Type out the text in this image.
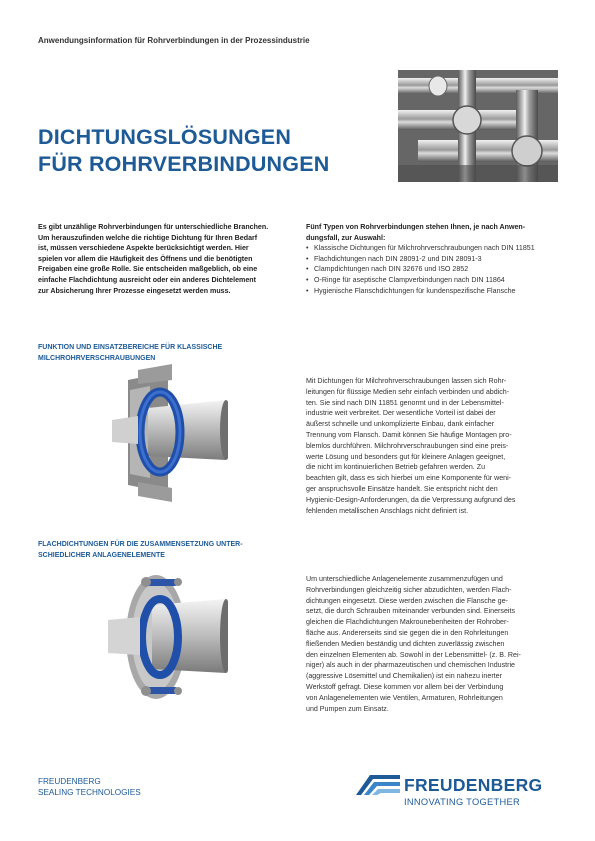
Anwendungsinformation für Rohrverbindungen in der Prozessindustrie
DICHTUNGSLÖSUNGEN
FÜR ROHRVERBINDUNGEN
Es gibt unzählige Rohrverbindungen für unterschiedliche Branchen.
Um herauszufinden welche die richtige Dichtung für Ihren Bedarf
ist, müssen verschiedene Aspekte berücksichtigt werden. Hier
spielen vor allem die Häufigkeit des Öffnens und die benötigten
Freigaben eine große Rolle. Sie entscheiden maßgeblich, ob eine
einfache Flachdichtung ausreicht oder ein anderes Dichtelement
zur Absicherung Ihrer Prozesse eingesetzt werden muss.
Fünf Typen von Rohrverbindungen stehen Ihnen, je nach Anwen-
dungsfall, zur Auswahl:
• Klassische Dichtungen für Milchrohrverschraubungen nach DIN 11851
• Flachdichtungen nach DIN 28091-2 und DIN 28091-3
• Clampdichtungen nach DIN 32676 und ISO 2852
• O-Ringe für aseptische Clampverbindungen nach DIN 11864
• Hygienische Flanschdichtungen für kundenspezifische Flansche
FUNKTION UND EINSATZBEREICHE FÜR KLASSISCHE
MILCHROHRVERSCHRAUBUNGEN
Mit Dichtungen für Milchrohrverschraubungen lassen sich Rohr-
leitungen für flüssige Medien sehr einfach verbinden und abdich-
ten. Sie sind nach DIN 11851 genormt und in der Lebensmittel-
industrie weit verbreitet. Der wesentliche Vorteil ist dabei der
äußerst schnelle und unkomplizierte Einbau, dank einfacher
Trennung vom Flansch. Damit können Sie häufige Montagen pro-
blemlos durchführen. Milchrohrverschraubungen sind eine preis-
werte Lösung und besonders gut für kleinere Anlagen geeignet,
die nicht im kontinuierlichen Betrieb gefahren werden. Zu
beachten gilt, dass es sich hierbei um eine Komponente für weni-
ger anspruchsvolle Einsätze handelt. Sie entspricht nicht den
Hygienic-Design-Anforderungen, da die Verpressung aufgrund des
fehlenden metallischen Anschlags nicht definiert ist.
FLACHDICHTUNGEN FÜR DIE ZUSAMMENSETZUNG UNTER-
SCHIEDLICHER ANLAGENELEMENTE
Um unterschiedliche Anlagenelemente zusammenzufügen und
Rohrverbindungen gleichzeitig sicher abzudichten, werden Flach-
dichtungen eingesetzt. Diese werden zwischen die Flansche ge-
setzt, die durch Schrauben miteinander verbunden sind. Einerseits
gleichen die Flachdichtungen Makrounebenheiten der Rohrober-
fläche aus. Andererseits sind sie gegen die in den Rohrleitungen
fließenden Medien beständig und dichten zuverlässig zwischen
den einzelnen Elementen ab. Sowohl in der Lebensmittel- (z. B. Rei-
niger) als auch in der pharmazeutischen und chemischen Industrie
(aggressive Lösemittel und Chemikalien) ist ein nahezu inerter
Werkstoff gefragt. Diese kommen vor allem bei der Verbindung
von Anlagenelementen wie Ventilen, Armaturen, Rohrleitungen
und Pumpen zum Einsatz.
FREUDENBERG
SEALING TECHNOLOGIES	FREUDENBERG
INNOVATING TOGETHER
